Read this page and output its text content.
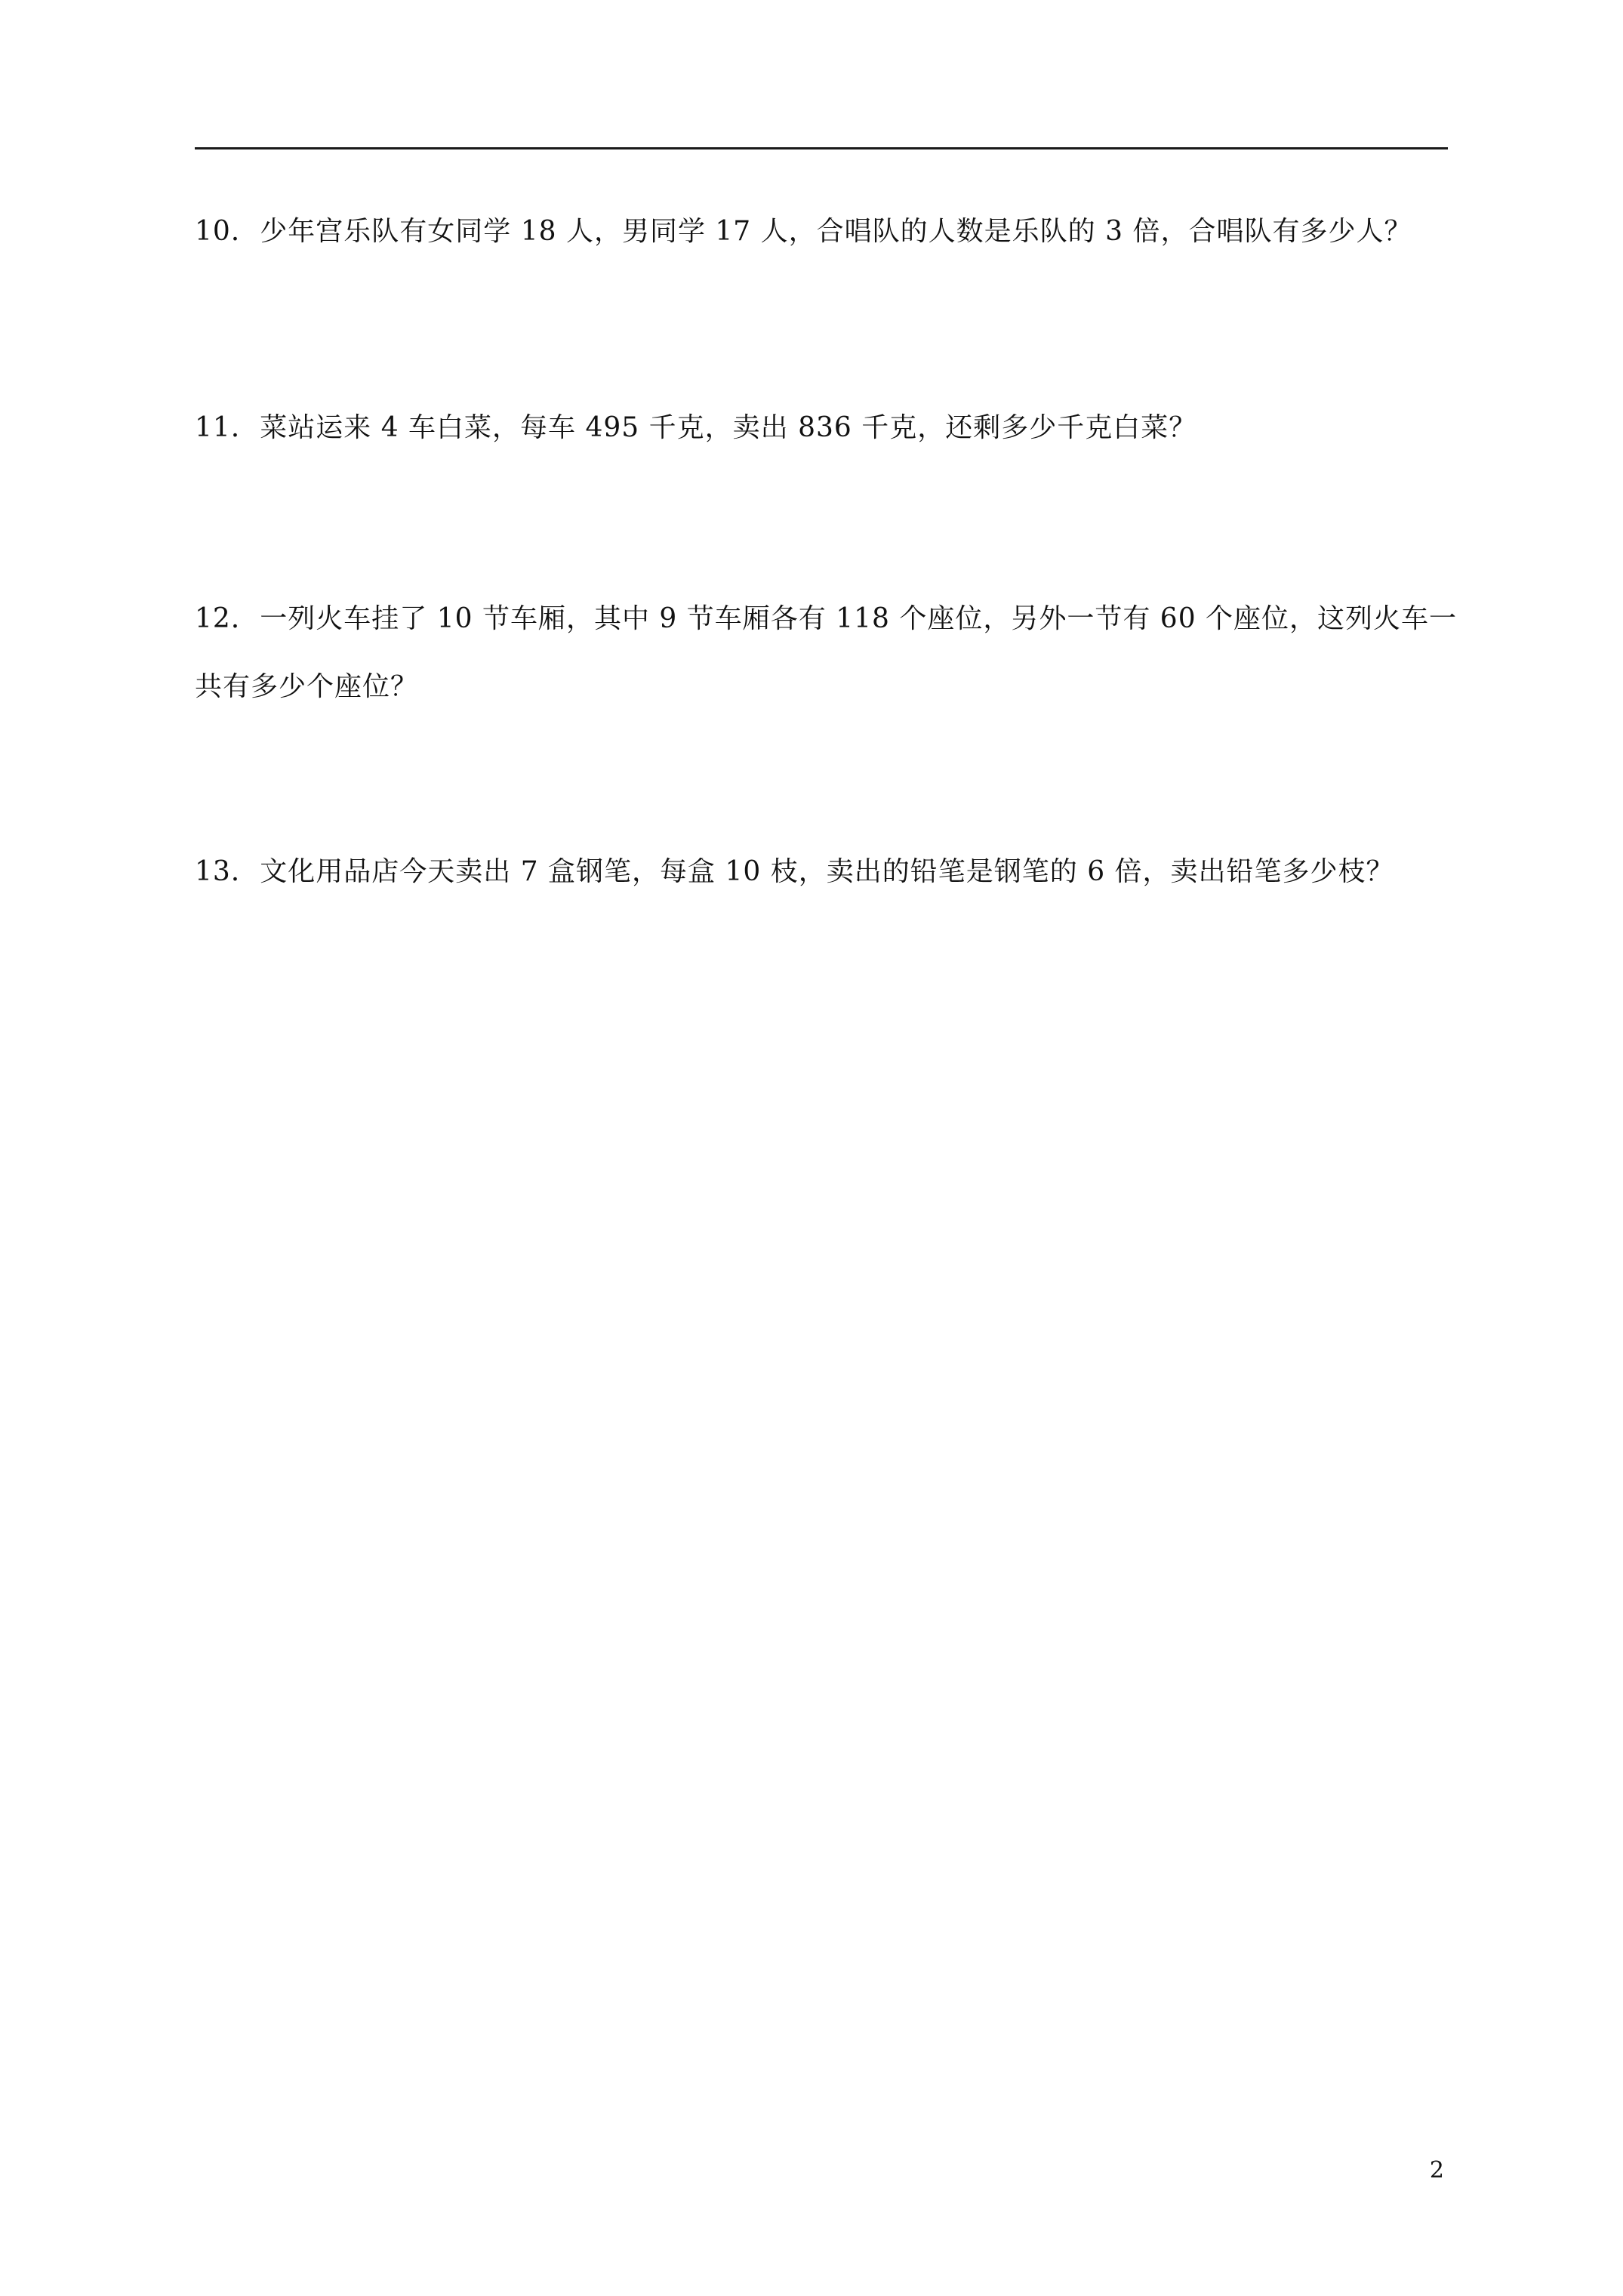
10. 少年宫乐队有女同学 18 人，男同学 17 人，合唱队的人数是乐队的 3 倍，合唱队有多少人？
11. 菜站运来 4 车白菜，每车 495 千克，卖出 836 千克，还剩多少千克白菜？
12. 一列火车挂了 10 节车厢，其中 9 节车厢各有 118 个座位，另外一节有 60 个座位，这列火车一共有多少个座位？
13. 文化用品店今天卖出 7 盒钢笔，每盒 10 枝，卖出的铅笔是钢笔的 6 倍，卖出铅笔多少枝？
2
